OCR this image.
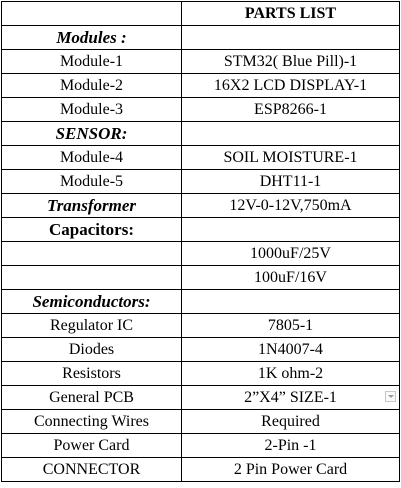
	PARTS LIST
Modules :	
Module-1	STM32( Blue Pill)-1
Module-2	16X2 LCD DISPLAY-1
Module-3	ESP8266-1
SENSOR:	
Module-4	SOIL MOISTURE-1
Module-5	DHT11-1
Transformer	12V-0-12V,750mA
Capacitors:	
	1000uF/25V
	100uF/16V
Semiconductors:	
Regulator IC	7805-1
Diodes	1N4007-4
Resistors	1K ohm-2
General PCB	2”X4” SIZE-1

Connecting Wires	Required
Power Card	2-Pin -1
CONNECTOR	2 Pin Power Card
